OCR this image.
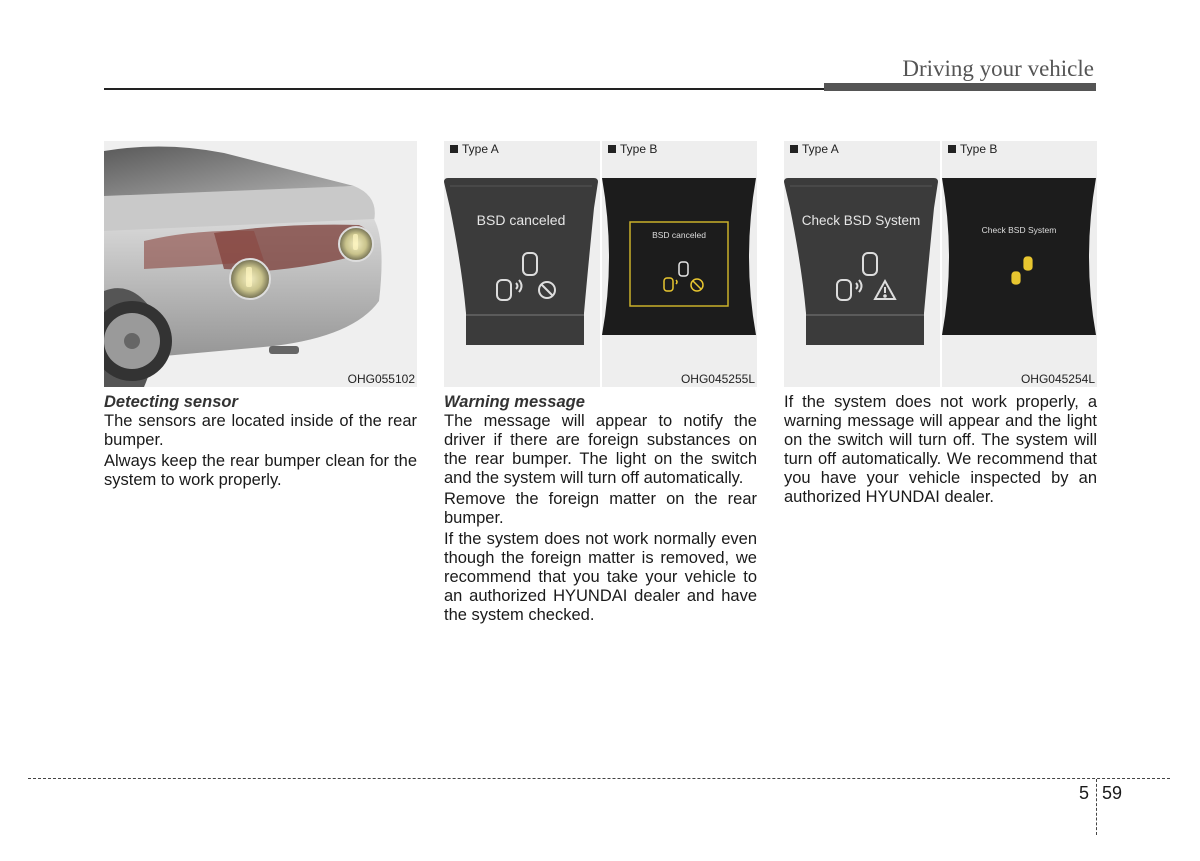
Driving your vehicle
OHG055102
Detecting sensor

The sensors are located inside of the rear bumper.

Always keep the rear bumper clean for the system to work properly.

Type A	Type B
BSD canceled
BSD canceled
OHG045255L
Warning message

The message will appear to notify the driver if there are foreign substances on the rear bumper. The light on the switch and the system will turn off automatically.

Remove the foreign matter on the rear bumper.

If the system does not work normally even though the foreign matter is removed, we recommend that you take your vehicle to an authorized HYUNDAI dealer and have the system checked.

Type A	Type B
Check BSD System
Check BSD System
OHG045254L

If the system does not work properly, a warning message will appear and the light on the switch will turn off. The system will turn off automatically. We recommend that you have your vehicle inspected by an authorized HYUNDAI dealer.

5 59
